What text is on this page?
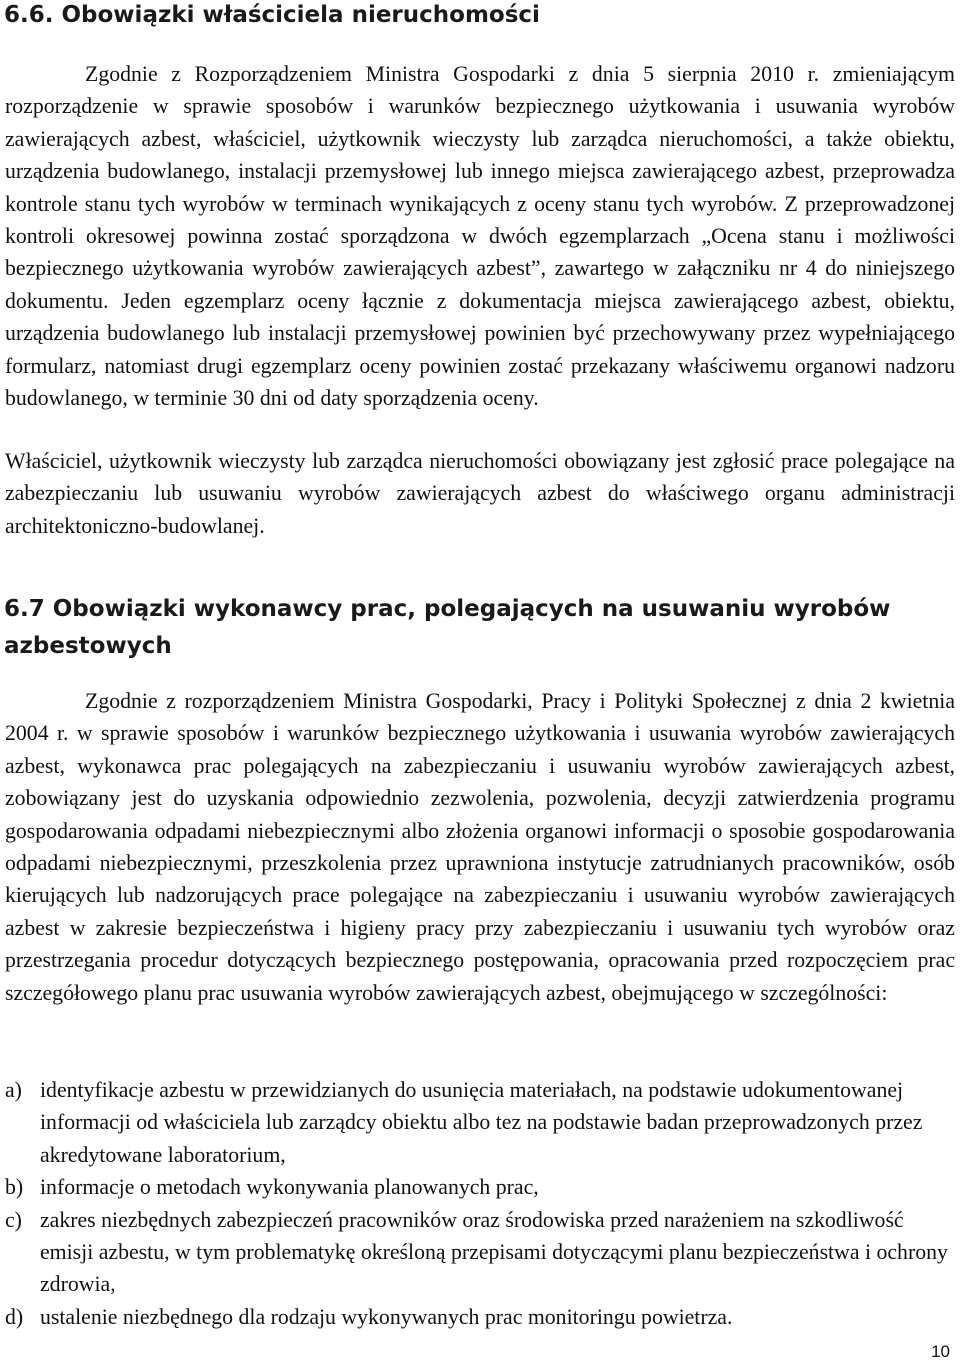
6.6. Obowiązki właściciela nieruchomości

Zgodnie z Rozporządzeniem Ministra Gospodarki z dnia 5 sierpnia 2010 r. zmieniającym rozporządzenie w sprawie sposobów i warunków bezpiecznego użytkowania i usuwania wyrobów zawierających azbest, właściciel, użytkownik wieczysty lub zarządca nieruchomości, a także obiektu, urządzenia budowlanego, instalacji przemysłowej lub innego miejsca zawierającego azbest, przeprowadza kontrole stanu tych wyrobów w terminach wynikających z oceny stanu tych wyrobów. Z przeprowadzonej kontroli okresowej powinna zostać sporządzona w dwóch egzemplarzach „Ocena stanu i możliwości bezpiecznego użytkowania wyrobów zawierających azbest”, zawartego w załączniku nr 4 do niniejszego dokumentu. Jeden egzemplarz oceny łącznie z dokumentacja miejsca zawierającego azbest, obiektu, urządzenia budowlanego lub instalacji przemysłowej powinien być przechowywany przez wypełniającego formularz, natomiast drugi egzemplarz oceny powinien zostać przekazany właściwemu organowi nadzoru budowlanego, w terminie 30 dni od daty sporządzenia oceny.

Właściciel, użytkownik wieczysty lub zarządca nieruchomości obowiązany jest zgłosić prace polegające na zabezpieczaniu lub usuwaniu wyrobów zawierających azbest do właściwego organu administracji architektoniczno-budowlanej.

6.7 Obowiązki wykonawcy prac, polegających na usuwaniu wyrobów azbestowych

Zgodnie z rozporządzeniem Ministra Gospodarki, Pracy i Polityki Społecznej z dnia 2 kwietnia 2004 r. w sprawie sposobów i warunków bezpiecznego użytkowania i usuwania wyrobów zawierających azbest, wykonawca prac polegających na zabezpieczaniu i usuwaniu wyrobów zawierających azbest, zobowiązany jest do uzyskania odpowiednio zezwolenia, pozwolenia, decyzji zatwierdzenia programu gospodarowania odpadami niebezpiecznymi albo złożenia organowi informacji o sposobie gospodarowania odpadami niebezpiecznymi, przeszkolenia przez uprawniona instytucje zatrudnianych pracowników, osób kierujących lub nadzorujących prace polegające na zabezpieczaniu i usuwaniu wyrobów zawierających azbest w zakresie bezpieczeństwa i higieny pracy przy zabezpieczaniu i usuwaniu tych wyrobów oraz przestrzegania procedur dotyczących bezpiecznego postępowania, opracowania przed rozpoczęciem prac szczegółowego planu prac usuwania wyrobów zawierających azbest, obejmującego w szczególności:

a) identyfikacje azbestu w przewidzianych do usunięcia materiałach, na podstawie udokumentowanej informacji od właściciela lub zarządcy obiektu albo tez na podstawie badan przeprowadzonych przez akredytowane laboratorium,
b) informacje o metodach wykonywania planowanych prac,
c) zakres niezbędnych zabezpieczeń pracowników oraz środowiska przed narażeniem na szkodliwość emisji azbestu, w tym problematykę określoną przepisami dotyczącymi planu bezpieczeństwa i ochrony zdrowia,
d) ustalenie niezbędnego dla rodzaju wykonywanych prac monitoringu powietrza.

10
